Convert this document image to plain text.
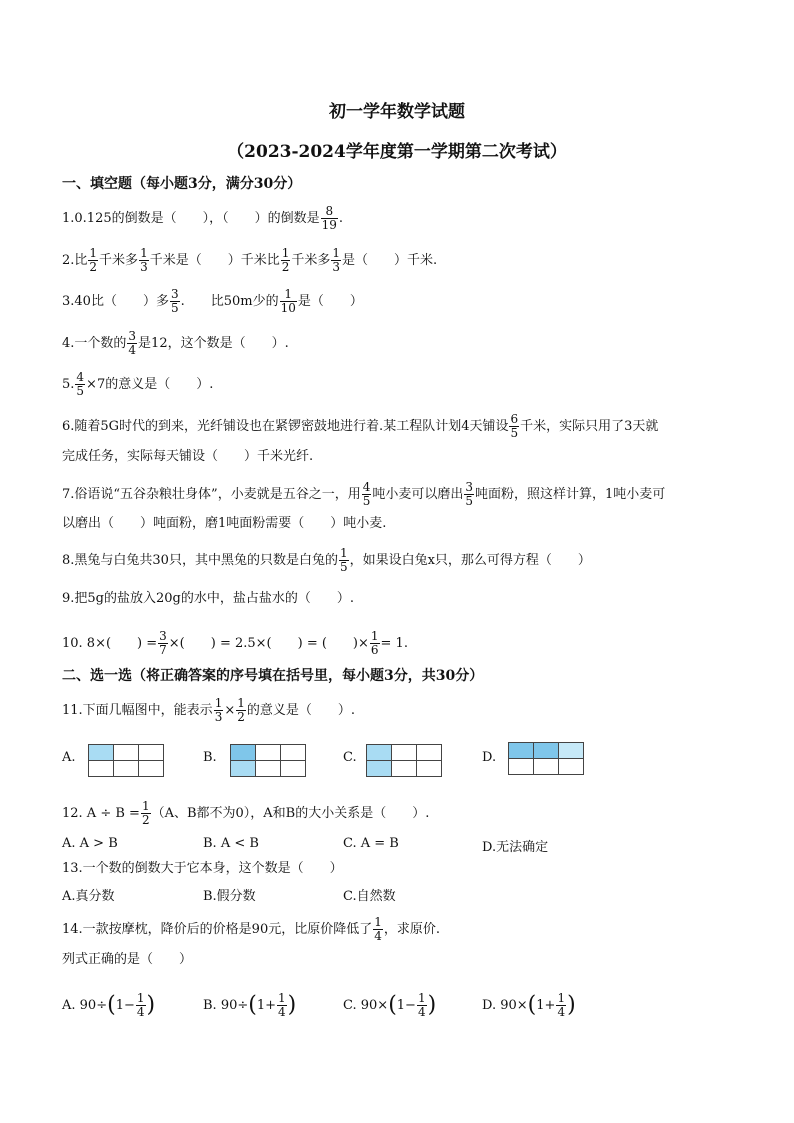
初一学年数学试题
（2023-2024学年度第一学期第二次考试）
一、填空题（每小题3分，满分30分）
1.0.125的倒数是（　　），（　　）的倒数是 $\frac{8}{19}$ .
2.比 $\frac{1}{2}$ 千米多 $\frac{1}{3}$ 千米是（　　）千米比 $\frac{1}{2}$ 千米多 $\frac{1}{3}$ 是（　　）千米.
3.40比（　　）多 $\frac{3}{5}$ .　　比50m少的 $\frac{1}{10}$ 是（　　）
4.一个数的 $\frac{3}{4}$ 是12，这个数是（　　）.
5. $\frac{4}{5} \times 7$的意义是（　　）.
6.随着5G时代的到来，光纤铺设也在紧锣密鼓地进行着.某工程队计划4天铺设 $\frac{6}{5}$ 千米，实际只用了3天就
完成任务，实际每天铺设（　　）千米光纤.
7.俗语说“五谷杂粮壮身体”，小麦就是五谷之一，用 $\frac{4}{5}$ 吨小麦可以磨出 $\frac{3}{5}$ 吨面粉，照这样计算，1吨小麦可
以磨出（　　）吨面粉，磨1吨面粉需要（　　）吨小麦.
8.黑兔与白兔共30只，其中黑兔的只数是白兔的 $\frac{1}{5}$ ，如果设白兔x只，那么可得方程（　　）
9.把5g的盐放入20g的水中，盐占盐水的（　　）.
10. 8×(　　) = $\frac{3}{7}$ ×(　　) = 2.5×(　　) = (　　)× $\frac{1}{6} = 1$.
二、选一选（将正确答案的序号填在括号里，每小题3分，共30分）
11.下面几幅图中，能表示 $\frac{1}{3} \times \frac{1}{2}$ 的意义是（　　）.
A.

			B.

			C.

			D.

12. $A \div B = \frac{1}{2} (A$、B都不为0），A和B的大小关系是（　　）.
A. A > B	B. A < B	C. A = B	D.无法确定
13.一个数的倒数大于它本身，这个数是（　　）
A.真分数	B.假分数	C.自然数
14.一款按摩枕，降价后的价格是90元，比原价降低了 $\frac{1}{4}$ ，求原价.
列式正确的是（　　）
A. $90\div(1- \frac{1}{4}$ )	B. $90\div(1+ \frac{1}{4}$ )	C. $90\times(1- \frac{1}{4}$ )	D. $90\times(1+ \frac{1}{4}$ )
